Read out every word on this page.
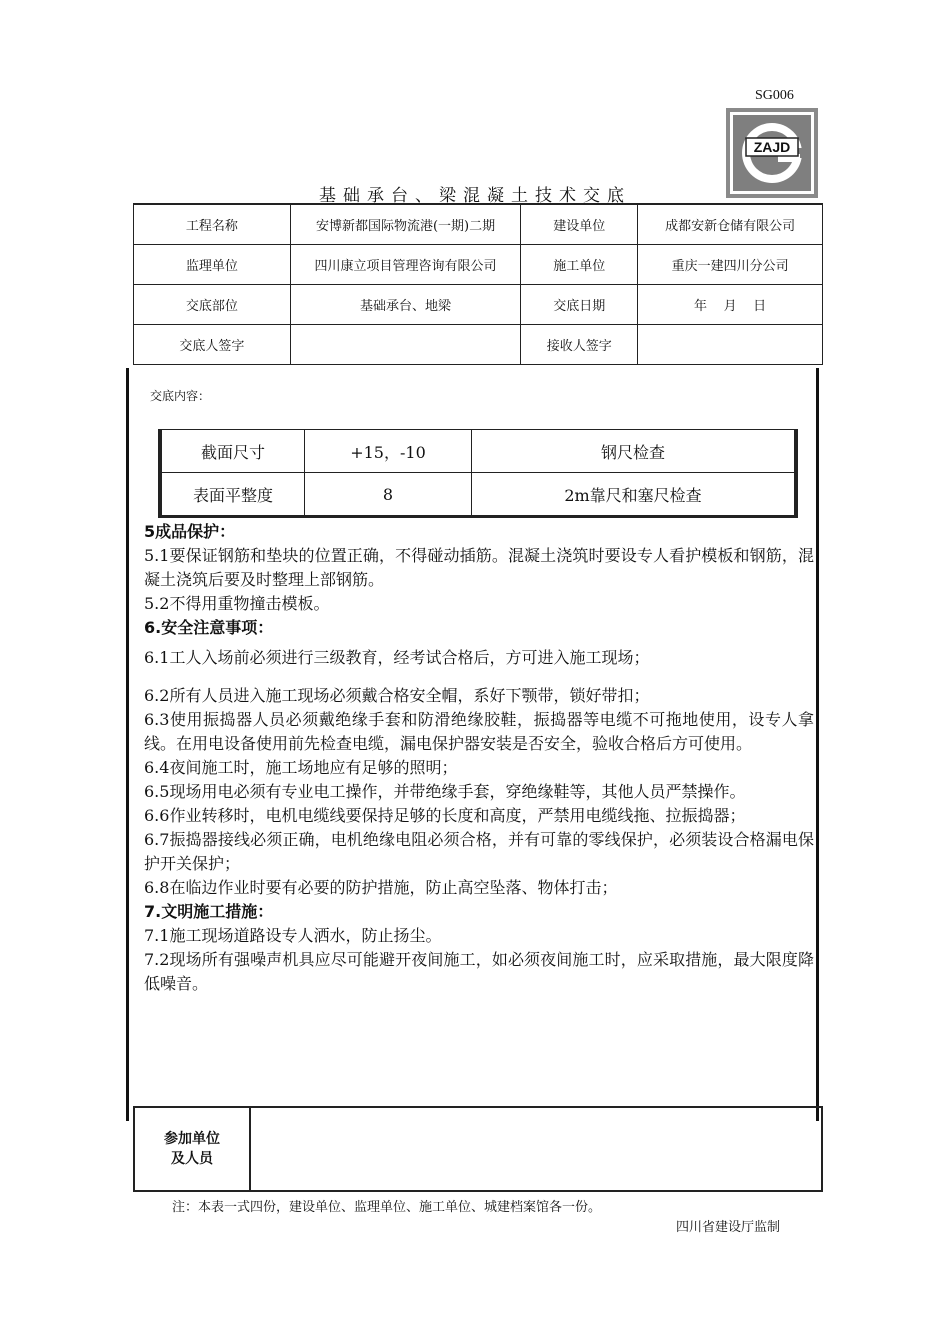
SG006
ZAJD
基础承台、梁混凝土技术交底
工程名称	安博新都国际物流港(一期)二期	建设单位	成都安新仓储有限公司
监理单位	四川康立项目管理咨询有限公司	施工单位	重庆一建四川分公司
交底部位	基础承台、地梁	交底日期	年    月    日
交底人签字		接收人签字	
交底内容：
截面尺寸	+15，-10	钢尺检查
表面平整度	8	2m靠尺和塞尺检查

5成品保护：

5.1要保证钢筋和垫块的位置正确，不得碰动插筋。混凝土浇筑时要设专人看护模板和钢筋，混凝土浇筑后要及时整理上部钢筋。

5.2不得用重物撞击模板。

6.安全注意事项：

6.1工人入场前必须进行三级教育，经考试合格后，方可进入施工现场；

6.2所有人员进入施工现场必须戴合格安全帽，系好下颚带，锁好带扣；

6.3使用振捣器人员必须戴绝缘手套和防滑绝缘胶鞋，振捣器等电缆不可拖地使用，设专人拿线。在用电设备使用前先检查电缆，漏电保护器安装是否安全，验收合格后方可使用。

6.4夜间施工时，施工场地应有足够的照明；

6.5现场用电必须有专业电工操作，并带绝缘手套，穿绝缘鞋等，其他人员严禁操作。

6.6作业转移时，电机电缆线要保持足够的长度和高度，严禁用电缆线拖、拉振捣器；

6.7振捣器接线必须正确，电机绝缘电阻必须合格，并有可靠的零线保护，必须装设合格漏电保护开关保护；

6.8在临边作业时要有必要的防护措施，防止高空坠落、物体打击；

7.文明施工措施：

7.1施工现场道路设专人洒水，防止扬尘。

7.2现场所有强噪声机具应尽可能避开夜间施工，如必须夜间施工时，应采取措施，最大限度降低噪音。

参加单位
及人员

注：本表一式四份，建设单位、监理单位、施工单位、城建档案馆各一份。
四川省建设厅监制
